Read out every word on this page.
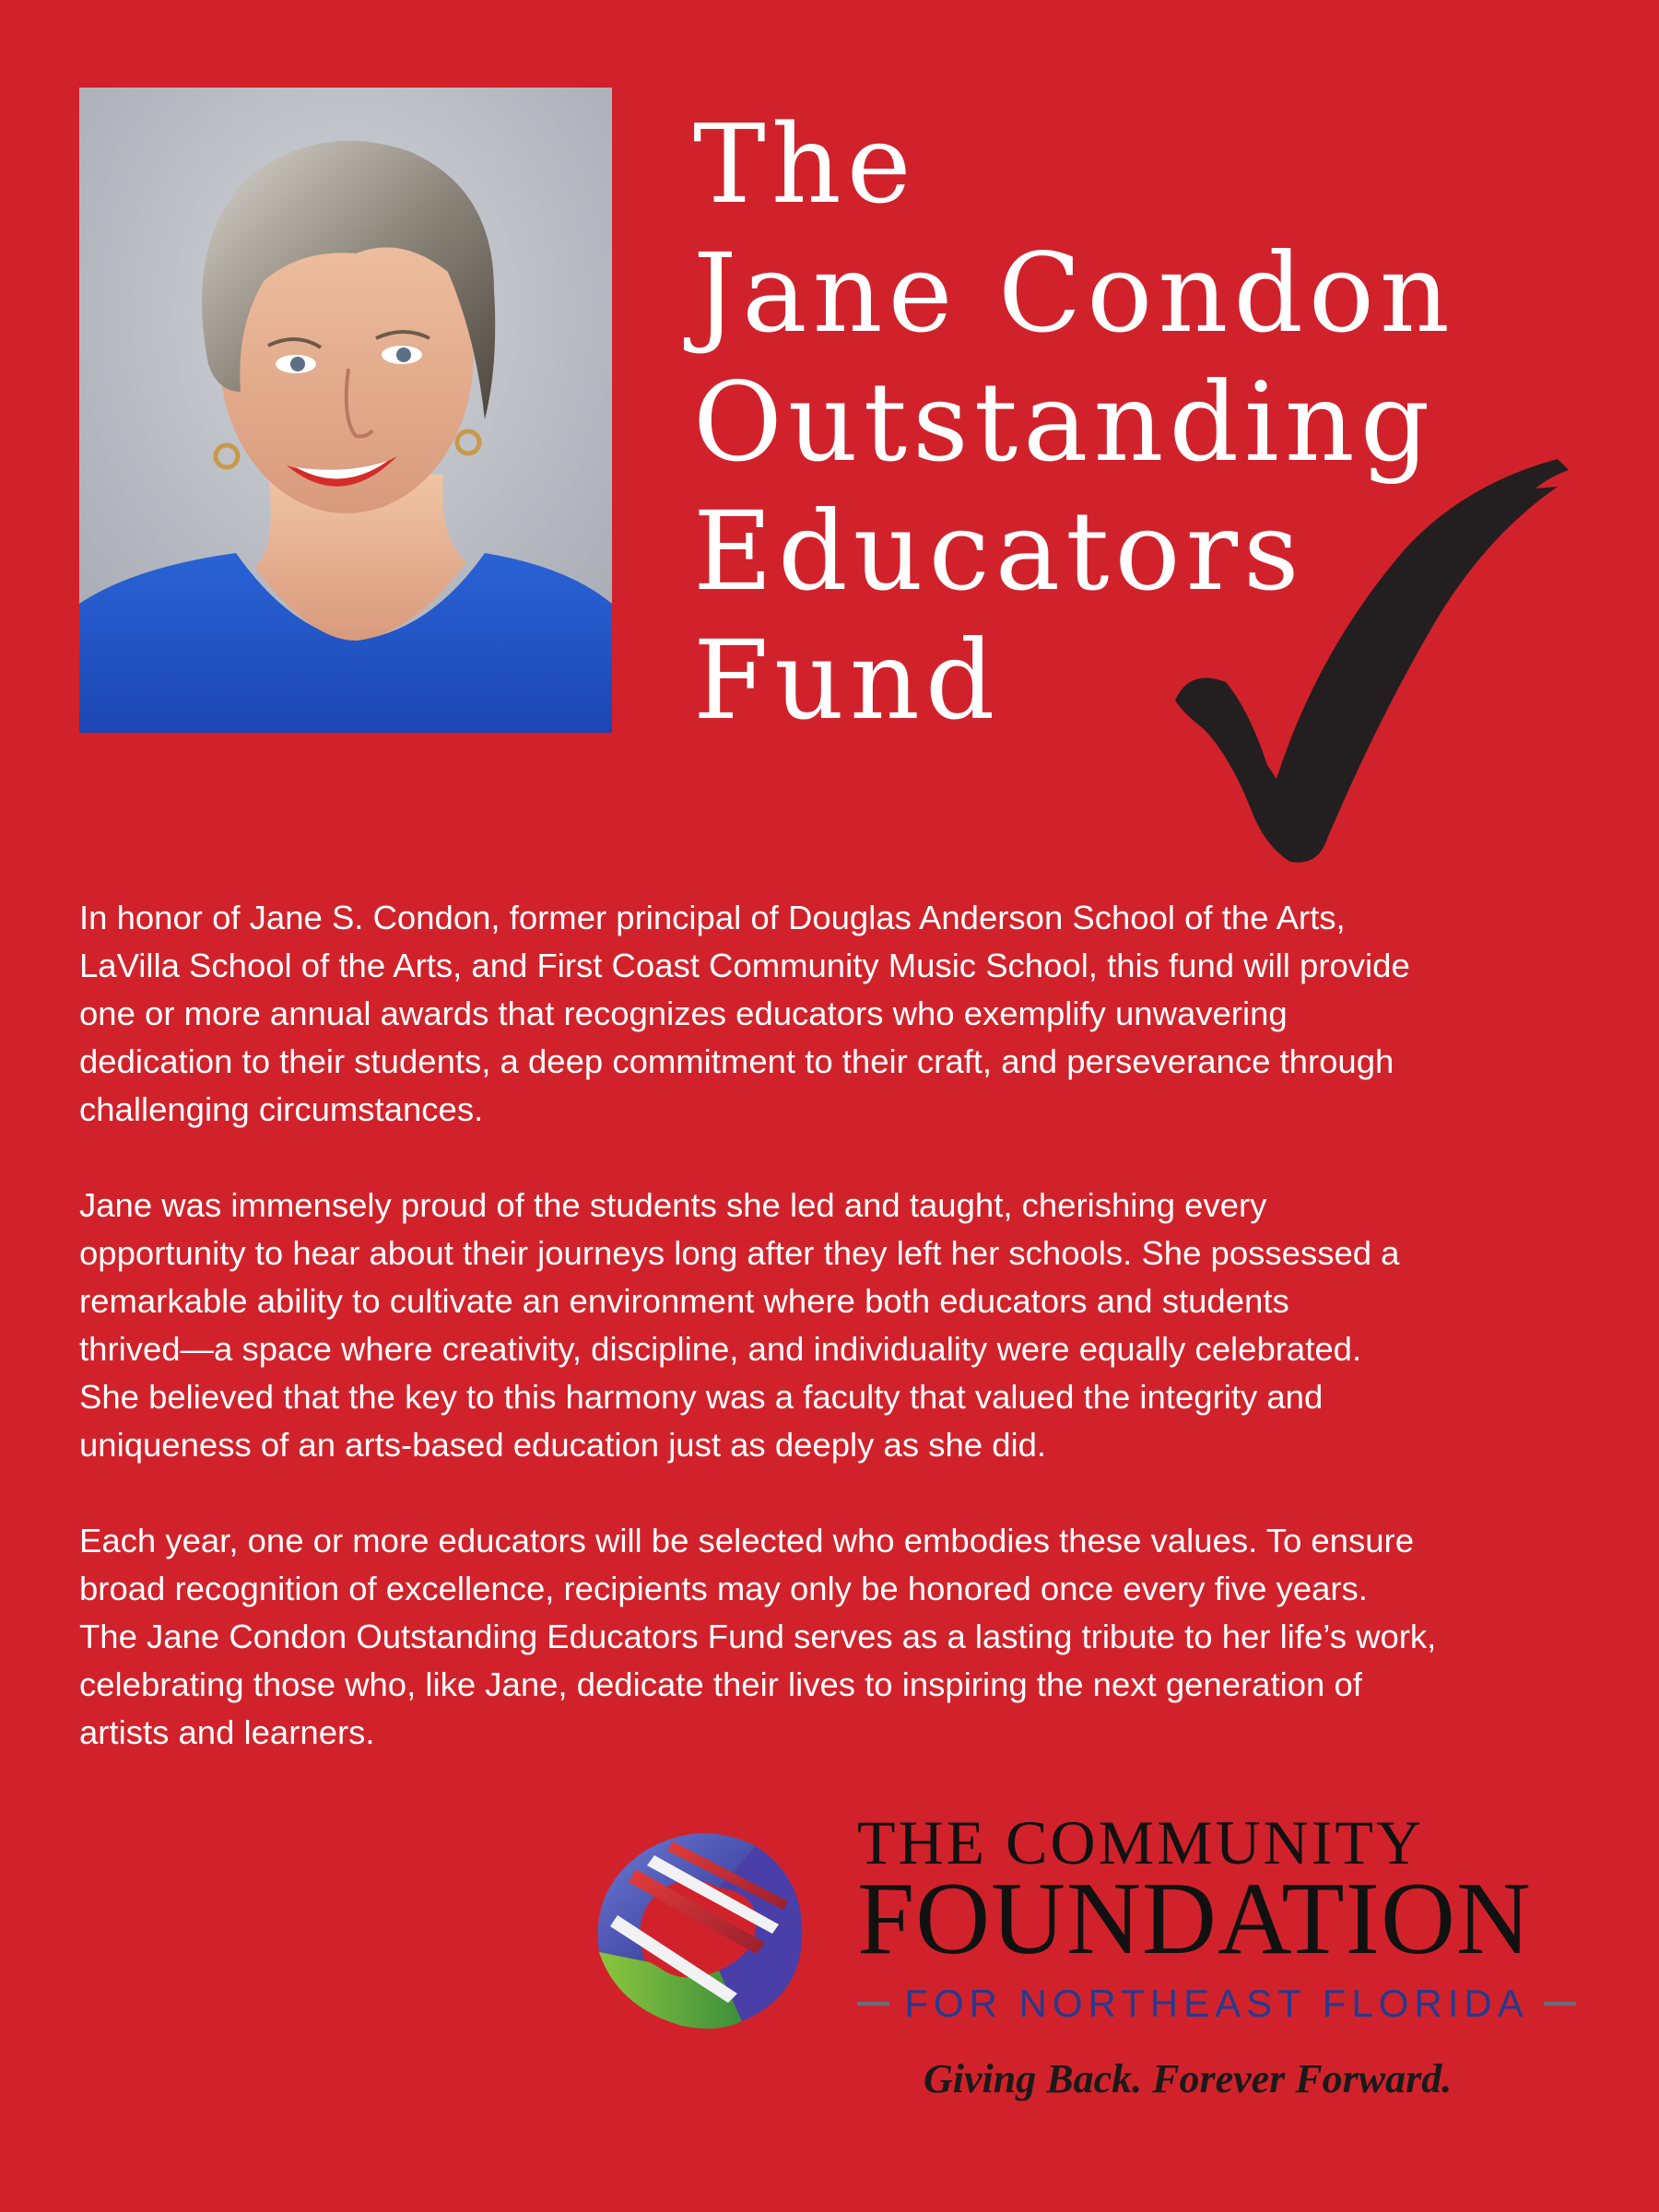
The
Jane Condon
Outstanding
Educators
Fund

In honor of Jane S. Condon, former principal of Douglas Anderson School of the Arts,
LaVilla School of the Arts, and First Coast Community Music School, this fund will provide
one or more annual awards that recognizes educators who exemplify unwavering
dedication to their students, a deep commitment to their craft, and perseverance through
challenging circumstances.

Jane was immensely proud of the students she led and taught, cherishing every
opportunity to hear about their journeys long after they left her schools. She possessed a
remarkable ability to cultivate an environment where both educators and students
thrived—a space where creativity, discipline, and individuality were equally celebrated.
She believed that the key to this harmony was a faculty that valued the integrity and
uniqueness of an arts-based education just as deeply as she did.

Each year, one or more educators will be selected who embodies these values. To ensure
broad recognition of excellence, recipients may only be honored once every five years.
The Jane Condon Outstanding Educators Fund serves as a lasting tribute to her life’s work,
celebrating those who, like Jane, dedicate their lives to inspiring the next generation of
artists and learners.

THE COMMUNITY
FOUNDATION
FOR NORTHEAST FLORIDA
Giving Back. Forever Forward.
